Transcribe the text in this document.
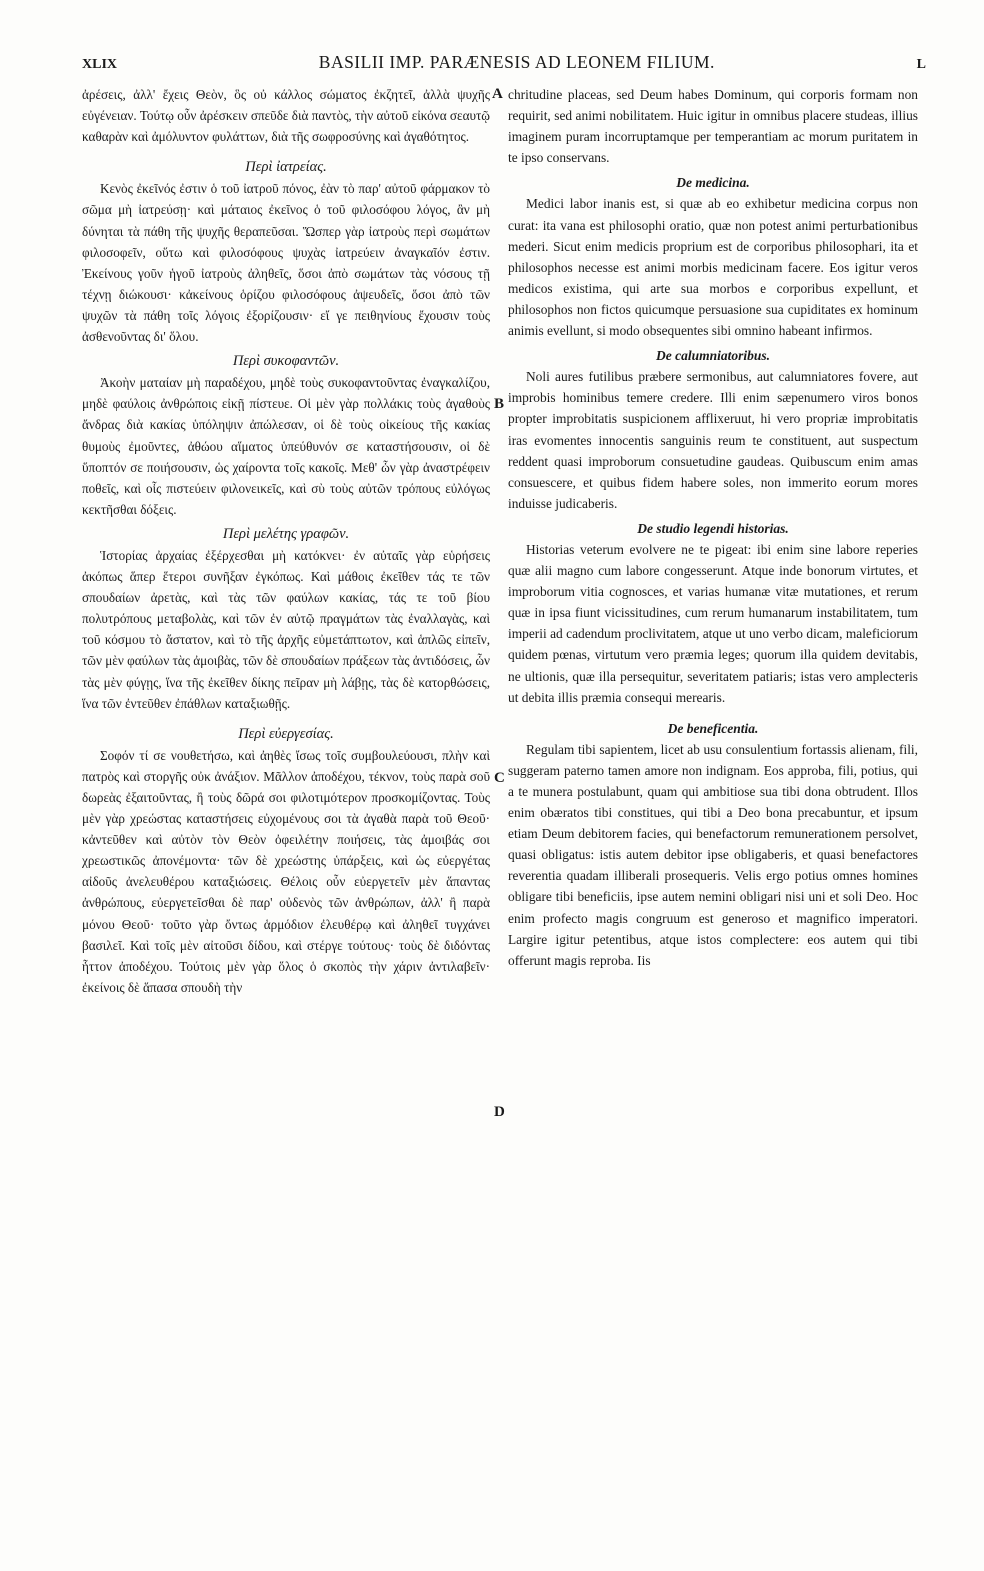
XLIX	BASILII IMP. PARÆNESIS AD LEONEM FILIUM.	L

ἀρέσεις, ἀλλ' ἔχεις Θεὸν, ὃς οὐ κάλλος σώματος ἐκζητεῖ, ἀλλὰ ψυχῆς εὐγένειαν. Τούτῳ οὖν ἀρέσκειν σπεῦδε διὰ παντὸς, τὴν αὐτοῦ εἰκόνα σεαυτῷ καθαρὰν καὶ ἀμόλυντον φυλάττων, διὰ τῆς σωφροσύνης καὶ ἀγαθότητος.

Περὶ ἰατρείας.

Κενὸς ἐκεῖνός ἐστιν ὁ τοῦ ἰατροῦ πόνος, ἐὰν τὸ παρ' αὐτοῦ φάρμακον τὸ σῶμα μὴ ἰατρεύσῃ· καὶ μάταιος ἐκεῖνος ὁ τοῦ φιλοσόφου λόγος, ἂν μὴ δύνηται τὰ πάθη τῆς ψυχῆς θεραπεῦσαι. Ὥσπερ γὰρ ἰατροὺς περὶ σωμάτων φιλοσοφεῖν, οὕτω καὶ φιλοσόφους ψυχὰς ἰατρεύειν ἀναγκαῖόν ἐστιν. Ἐκείνους γοῦν ἡγοῦ ἰατροὺς ἀληθεῖς, ὅσοι ἀπὸ σωμάτων τὰς νόσους τῇ τέχνῃ διώκουσι· κἀκείνους ὁρίζου φιλοσόφους ἀψευδεῖς, ὅσοι ἀπὸ τῶν ψυχῶν τὰ πάθη τοῖς λόγοις ἐξορίζουσιν· εἴ γε πειθηνίους ἔχουσιν τοὺς ἀσθενοῦντας δι' ὅλου.

Περὶ συκοφαντῶν.

Ἀκοὴν ματαίαν μὴ παραδέχου, μηδὲ τοὺς συκοφαντοῦντας ἐναγκαλίζου, μηδὲ φαύλοις ἀνθρώποις εἰκῇ πίστευε. Οἱ μὲν γὰρ πολλάκις τοὺς ἀγαθοὺς ἄνδρας διὰ κακίας ὑπόληψιν ἀπώλεσαν, οἱ δὲ τοὺς οἰκείους τῆς κακίας θυμοὺς ἐμοῦντες, ἀθώου αἵματος ὑπεύθυνόν σε καταστήσουσιν, οἱ δὲ ὕποπτόν σε ποιήσουσιν, ὡς χαίροντα τοῖς κακοῖς. Μεθ' ὧν γὰρ ἀναστρέφειν ποθεῖς, καὶ οἷς πιστεύειν φιλονεικεῖς, καὶ σὺ τοὺς αὐτῶν τρόπους εὐλόγως κεκτῆσθαι δόξεις.

Περὶ μελέτης γραφῶν.

Ἱστορίας ἀρχαίας ἐξέρχεσθαι μὴ κατόκνει· ἐν αὐταῖς γὰρ εὑρήσεις ἀκόπως ἅπερ ἕτεροι συνῆξαν ἐγκόπως. Καὶ μάθοις ἐκεῖθεν τάς τε τῶν σπουδαίων ἀρετὰς, καὶ τὰς τῶν φαύλων κακίας, τάς τε τοῦ βίου πολυτρόπους μεταβολὰς, καὶ τῶν ἐν αὐτῷ πραγμάτων τὰς ἐναλλαγὰς, καὶ τοῦ κόσμου τὸ ἄστατον, καὶ τὸ τῆς ἀρχῆς εὐμετάπτωτον, καὶ ἁπλῶς εἰπεῖν, τῶν μὲν φαύλων τὰς ἀμοιβὰς, τῶν δὲ σπουδαίων πράξεων τὰς ἀντιδόσεις, ὧν τὰς μὲν φύγῃς, ἵνα τῆς ἐκεῖθεν δίκης πεῖραν μὴ λάβῃς, τὰς δὲ κατορθώσεις, ἵνα τῶν ἐντεῦθεν ἐπάθλων καταξιωθῇς.

Περὶ εὐεργεσίας.

Σοφόν τί σε νουθετήσω, καὶ ἀηθὲς ἴσως τοῖς συμβουλεύουσι, πλὴν καὶ πατρὸς καὶ στοργῆς οὐκ ἀνάξιον. Μᾶλλον ἀποδέχου, τέκνον, τοὺς παρὰ σοῦ δωρεὰς ἐξαιτοῦντας, ἢ τοὺς δῶρά σοι φιλοτιμότερον προσκομίζοντας. Τοὺς μὲν γὰρ χρεώστας καταστήσεις εὐχομένους σοι τὰ ἀγαθὰ παρὰ τοῦ Θεοῦ· κἀντεῦθεν καὶ αὐτὸν τὸν Θεὸν ὀφειλέτην ποιήσεις, τὰς ἀμοιβάς σοι χρεωστικῶς ἀπονέμοντα· τῶν δὲ χρεώστης ὑπάρξεις, καὶ ὡς εὐεργέτας αἰδοῦς ἀνελευθέρου καταξιώσεις. Θέλοις οὖν εὐεργετεῖν μὲν ἅπαντας ἀνθρώπους, εὐεργετεῖσθαι δὲ παρ' οὐδενὸς τῶν ἀνθρώπων, ἀλλ' ἢ παρὰ μόνου Θεοῦ· τοῦτο γὰρ ὄντως ἁρμόδιον ἐλευθέρῳ καὶ ἀληθεῖ τυγχάνει βασιλεῖ. Καὶ τοῖς μὲν αἰτοῦσι δίδου, καὶ στέργε τούτους· τοὺς δὲ διδόντας ἧττον ἀποδέχου. Τούτοις μὲν γὰρ ὅλος ὁ σκοπὸς τὴν χάριν ἀντιλαβεῖν· ἐκείνοις δὲ ἅπασα σπουδὴ τὴν

chritudine placeas, sed Deum habes Dominum, qui corporis formam non requirit, sed animi nobilitatem. Huic igitur in omnibus placere studeas, illius imaginem puram incorruptamque per temperantiam ac morum puritatem in te ipso conservans.

De medicina.

Medici labor inanis est, si quæ ab eo exhibetur medicina corpus non curat: ita vana est philosophi oratio, quæ non potest animi perturbationibus mederi. Sicut enim medicis proprium est de corporibus philosophari, ita et philosophos necesse est animi morbis medicinam facere. Eos igitur veros medicos existima, qui arte sua morbos e corporibus expellunt, et philosophos non fictos quicumque persuasione sua cupiditates ex hominum animis evellunt, si modo obsequentes sibi omnino habeant infirmos.

De calumniatoribus.

Noli aures futilibus præbere sermonibus, aut calumniatores fovere, aut improbis hominibus temere credere. Illi enim sæpenumero viros bonos propter improbitatis suspicionem afflixeruut, hi vero propriæ improbitatis iras evomentes innocentis sanguinis reum te constituent, aut suspectum reddent quasi improborum consuetudine gaudeas. Quibuscum enim amas consuescere, et quibus fidem habere soles, non immerito eorum mores induisse judicaberis.

De studio legendi historias.

Historias veterum evolvere ne te pigeat: ibi enim sine labore reperies quæ alii magno cum labore congesserunt. Atque inde bonorum virtutes, et improborum vitia cognosces, et varias humanæ vitæ mutationes, et rerum quæ in ipsa fiunt vicissitudines, cum rerum humanarum instabilitatem, tum imperii ad cadendum proclivitatem, atque ut uno verbo dicam, maleficiorum quidem pœnas, virtutum vero præmia leges; quorum illa quidem devitabis, ne ultionis, quæ illa persequitur, severitatem patiaris; istas vero amplecteris ut debita illis præmia consequi merearis.

De beneficentia.

Regulam tibi sapientem, licet ab usu consulentium fortassis alienam, fili, suggeram paterno tamen amore non indignam. Eos approba, fili, potius, qui a te munera postulabunt, quam qui ambitiose sua tibi dona obtrudent. Illos enim obæratos tibi constitues, qui tibi a Deo bona precabuntur, et ipsum etiam Deum debitorem facies, qui benefactorum remunerationem persolvet, quasi obligatus: istis autem debitor ipse obligaberis, et quasi benefactores reverentia quadam illiberali prosequeris. Velis ergo potius omnes homines obligare tibi beneficiis, ipse autem nemini obligari nisi uni et soli Deo. Hoc enim profecto magis congruum est generoso et magnifico imperatori. Largire igitur petentibus, atque istos complectere: eos autem qui tibi offerunt magis reproba. Iis

A
B
C
D
